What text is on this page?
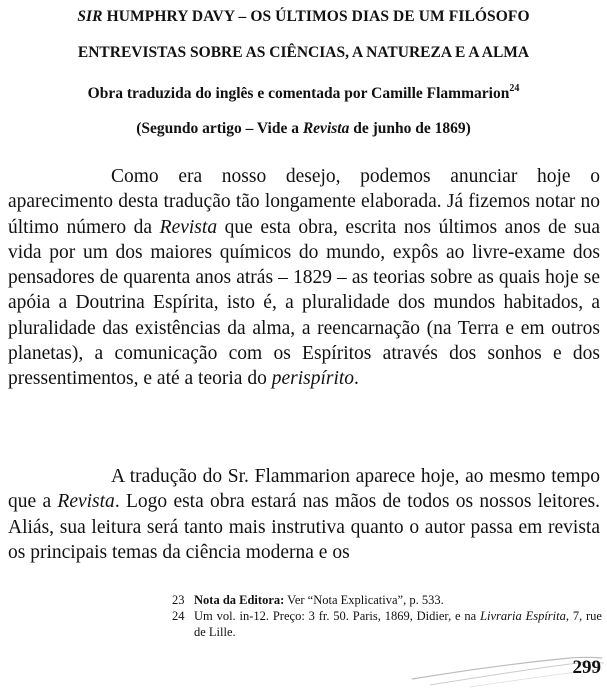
SIR HUMPHRY DAVY – OS ÚLTIMOS DIAS DE UM FILÓSOFO
ENTREVISTAS SOBRE AS CIÊNCIAS, A NATUREZA E A ALMA
Obra traduzida do inglês e comentada por Camille Flammarion$^{24}$
(Segundo artigo – Vide a Revista de junho de 1869)
Como era nosso desejo, podemos anunciar hoje o aparecimento desta tradução tão longamente elaborada. Já fizemos notar no último número da Revista que esta obra, escrita nos últimos anos de sua vida por um dos maiores químicos do mundo, expôs ao livre-exame dos pensadores de quarenta anos atrás – 1829 – as teorias sobre as quais hoje se apóia a Doutrina Espírita, isto é, a pluralidade dos mundos habitados, a pluralidade das existências da alma, a reencarnação (na Terra e em outros planetas), a comunicação com os Espíritos através dos sonhos e dos pressentimentos, e até a teoria do perispírito.
A tradução do Sr. Flammarion aparece hoje, ao mesmo tempo que a Revista. Logo esta obra estará nas mãos de todos os nossos leitores. Aliás, sua leitura será tanto mais instrutiva quanto o autor passa em revista os principais temas da ciência moderna e os
23 Nota da Editora: Ver “Nota Explicativa”, p. 533.
24 Um vol. in-12. Preço: 3 fr. 50. Paris, 1869, Didier, e na Livraria Espírita, 7, rue de Lille.
299
